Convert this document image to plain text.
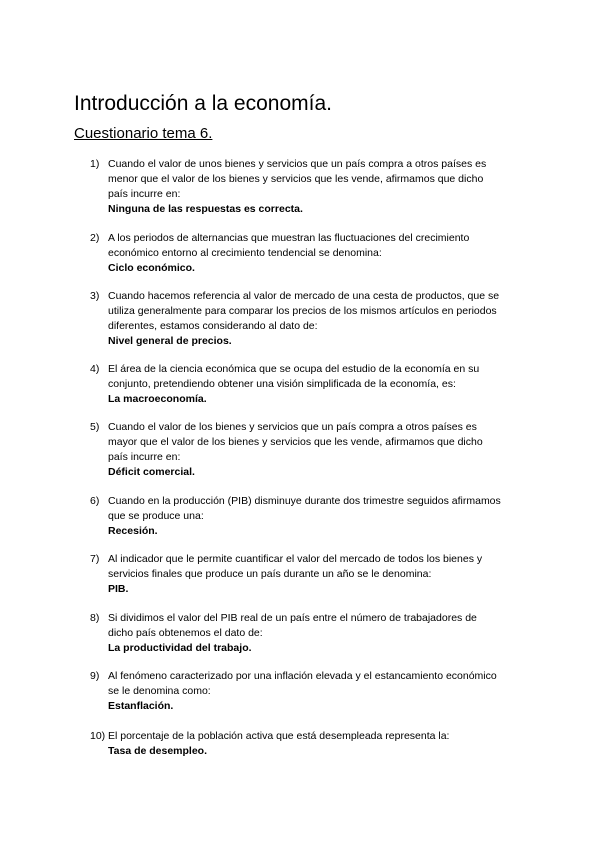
Introducción a la economía.
Cuestionario tema 6.
1) Cuando el valor de unos bienes y servicios que un país compra a otros países es
menor que el valor de los bienes y servicios que les vende, afirmamos que dicho
país incurre en:
Ninguna de las respuestas es correcta.
2) A los periodos de alternancias que muestran las fluctuaciones del crecimiento
económico entorno al crecimiento tendencial se denomina:
Ciclo económico.
3) Cuando hacemos referencia al valor de mercado de una cesta de productos, que se
utiliza generalmente para comparar los precios de los mismos artículos en periodos
diferentes, estamos considerando al dato de:
Nivel general de precios.
4) El área de la ciencia económica que se ocupa del estudio de la economía en su
conjunto, pretendiendo obtener una visión simplificada de la economía, es:
La macroeconomía.
5) Cuando el valor de los bienes y servicios que un país compra a otros países es
mayor que el valor de los bienes y servicios que les vende, afirmamos que dicho
país incurre en:
Déficit comercial.
6) Cuando en la producción (PIB) disminuye durante dos trimestre seguidos afirmamos
que se produce una:
Recesión.
7) Al indicador que le permite cuantificar el valor del mercado de todos los bienes y
servicios finales que produce un país durante un año se le denomina:
PIB.
8) Si dividimos el valor del PIB real de un país entre el número de trabajadores de
dicho país obtenemos el dato de:
La productividad del trabajo.
9) Al fenómeno caracterizado por una inflación elevada y el estancamiento económico
se le denomina como:
Estanflación.
10) El porcentaje de la población activa que está desempleada representa la:
Tasa de desempleo.
